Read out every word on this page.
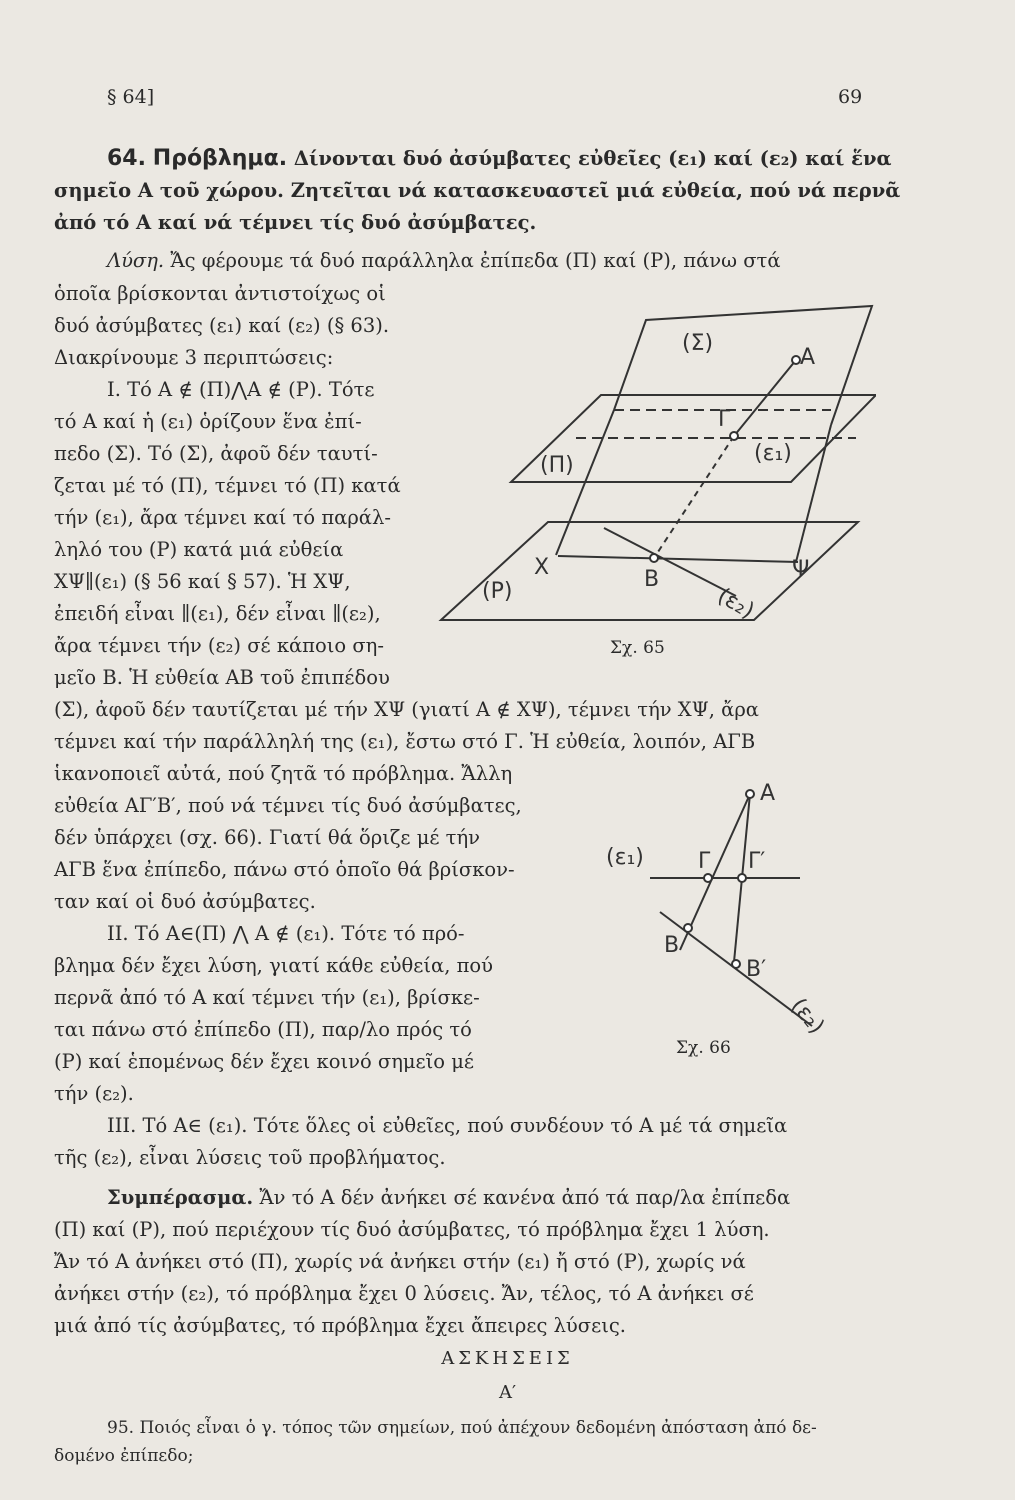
§ 64]	69
64. Πρόβλημα. Δίνονται δυό ἀσύμβατες εὐθεῖες (ε₁) καί (ε₂) καί ἕνα
σημεῖο Α τοῦ χώρου. Ζητεῖται νά κατασκευαστεῖ μιά εὐθεία, πού νά περνᾶ
ἀπό τό Α καί νά τέμνει τίς δυό ἀσύμβατες.
Λύση. Ἄς φέρουμε τά δυό παράλληλα ἐπίπεδα (Π) καί (Ρ), πάνω στά
ὁποῖα βρίσκονται ἀντιστοίχως οἱ
δυό ἀσύμβατες (ε₁) καί (ε₂) (§ 63).
Διακρίνουμε 3 περιπτώσεις:
Ι. Τό Α ∉ (Π)⋀Α ∉ (Ρ). Τότε
τό Α καί ἡ (ε₁) ὁρίζουν ἕνα ἐπί-
πεδο (Σ). Τό (Σ), ἀφοῦ δέν ταυτί-
ζεται μέ τό (Π), τέμνει τό (Π) κατά
τήν (ε₁), ἄρα τέμνει καί τό παράλ-
ληλό του (Ρ) κατά μιά εὐθεία
ΧΨ∥(ε₁) (§ 56 καί § 57). Ἡ ΧΨ,
ἐπειδή εἶναι ∥(ε₁), δέν εἶναι ∥(ε₂),
ἄρα τέμνει τήν (ε₂) σέ κάποιο ση-
μεῖο Β. Ἡ εὐθεία ΑΒ τοῦ ἐπιπέδου
(Σ), ἀφοῦ δέν ταυτίζεται μέ τήν ΧΨ (γιατί Α ∉ ΧΨ), τέμνει τήν ΧΨ, ἄρα
τέμνει καί τήν παράλληλή της (ε₁), ἔστω στό Γ. Ἡ εὐθεία, λοιπόν, ΑΓΒ
ἱκανοποιεῖ αὐτά, πού ζητᾶ τό πρόβλημα. Ἄλλη
εὐθεία ΑΓ′Β′, πού νά τέμνει τίς δυό ἀσύμβατες,
δέν ὑπάρχει (σχ. 66). Γιατί θά ὅριζε μέ τήν
ΑΓΒ ἕνα ἐπίπεδο, πάνω στό ὁποῖο θά βρίσκον-
ταν καί οἱ δυό ἀσύμβατες.
ΙΙ. Τό Α∈(Π) ⋀ Α ∉ (ε₁). Τότε τό πρό-
βλημα δέν ἔχει λύση, γιατί κάθε εὐθεία, πού
περνᾶ ἀπό τό Α καί τέμνει τήν (ε₁), βρίσκε-
ται πάνω στό ἐπίπεδο (Π), παρ/λο πρός τό
(Ρ) καί ἑπομένως δέν ἔχει κοινό σημεῖο μέ
τήν (ε₂).
ΙΙΙ. Τό Α∈ (ε₁). Τότε ὅλες οἱ εὐθεῖες, πού συνδέουν τό Α μέ τά σημεῖα
τῆς (ε₂), εἶναι λύσεις τοῦ προβλήματος.
Συμπέρασμα. Ἄν τό Α δέν ἀνήκει σέ κανένα ἀπό τά παρ/λα ἐπίπεδα
(Π) καί (Ρ), πού περιέχουν τίς δυό ἀσύμβατες, τό πρόβλημα ἔχει 1 λύση.
Ἄν τό Α ἀνήκει στό (Π), χωρίς νά ἀνήκει στήν (ε₁) ἤ στό (Ρ), χωρίς νά
ἀνήκει στήν (ε₂), τό πρόβλημα ἔχει 0 λύσεις. Ἄν, τέλος, τό Α ἀνήκει σέ
μιά ἀπό τίς ἀσύμβατες, τό πρόβλημα ἔχει ἄπειρες λύσεις.
ΑΣΚΗΣΕΙΣ
Α′
95. Ποιός εἶναι ὁ γ. τόπος τῶν σημείων, πού ἀπέχουν δεδομένη ἀπόσταση ἀπό δε-
δομένο ἐπίπεδο;
(Σ)
A
Γ
(ε₁)
(Π)
X	B	Ψ
(Ρ)	(ε₂)
Σχ. 65
A
(ε₁) Γ Γ′
B
B′
(ε₂)
Σχ. 66
